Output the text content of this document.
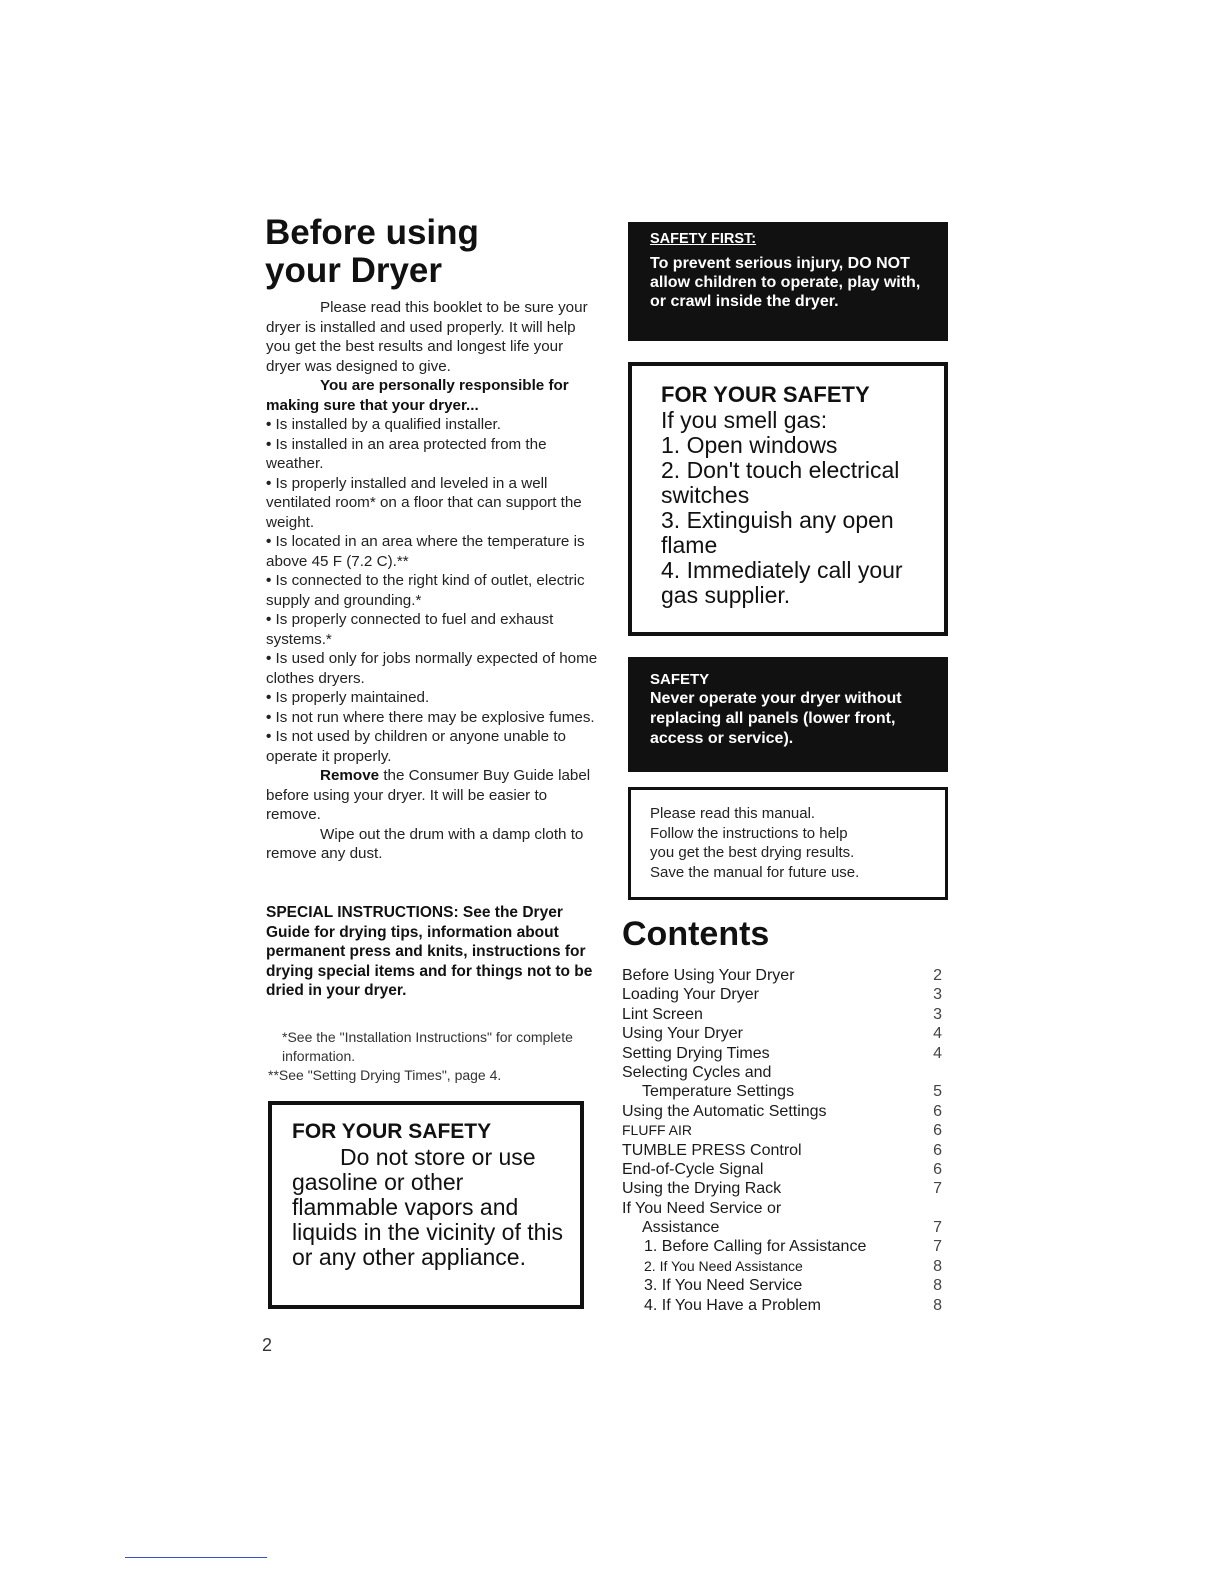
Before using
your Dryer

Please read this booklet to be sure your dryer is installed and used properly. It will help you get the best results and longest life your dryer was designed to give.

You are personally responsible for making sure that your dryer...

• Is installed by a qualified installer.

• Is installed in an area protected from the weather.

• Is properly installed and leveled in a well ventilated room* on a floor that can support the weight.

• Is located in an area where the temperature is above 45 F (7.2 C).**

• Is connected to the right kind of outlet, electric supply and grounding.*

• Is properly connected to fuel and exhaust systems.*

• Is used only for jobs normally expected of home clothes dryers.

• Is properly maintained.

• Is not run where there may be explosive fumes.

• Is not used by children or anyone unable to operate it properly.

Remove the Consumer Buy Guide label before using your dryer. It will be easier to remove.

Wipe out the drum with a damp cloth to remove any dust.

SPECIAL INSTRUCTIONS: See the Dryer Guide for drying tips, information about permanent press and knits, instructions for drying special items and for things not to be dried in your dryer.

*See the "Installation Instructions" for complete information.

**See "Setting Drying Times", page 4.

FOR YOUR SAFETY

Do not store or use gasoline or other flammable vapors and liquids in the vicinity of this or any other appliance.

2

SAFETY FIRST:

To prevent serious injury, DO NOT allow children to operate, play with, or crawl inside the dryer.

FOR YOUR SAFETY

If you smell gas:

1. Open windows
2. Don't touch electrical switches
3. Extinguish any open flame
4. Immediately call your gas supplier.

SAFETY

Never operate your dryer without replacing all panels (lower front, access or service).

Please read this manual.

Follow the instructions to help

you get the best drying results.

Save the manual for future use.

Contents
Before Using Your Dryer	2
Loading Your Dryer	3
Lint Screen	3
Using Your Dryer	4
Setting Drying Times	4
Selecting Cycles and
Temperature Settings	5
Using the Automatic Settings	6
FLUFF AIR	6
TUMBLE PRESS Control	6
End-of-Cycle Signal	6
Using the Drying Rack	7
If You Need Service or
Assistance	7
1. Before Calling for Assistance	7
2. If You Need Assistance	8
3. If You Need Service	8
4. If You Have a Problem	8
